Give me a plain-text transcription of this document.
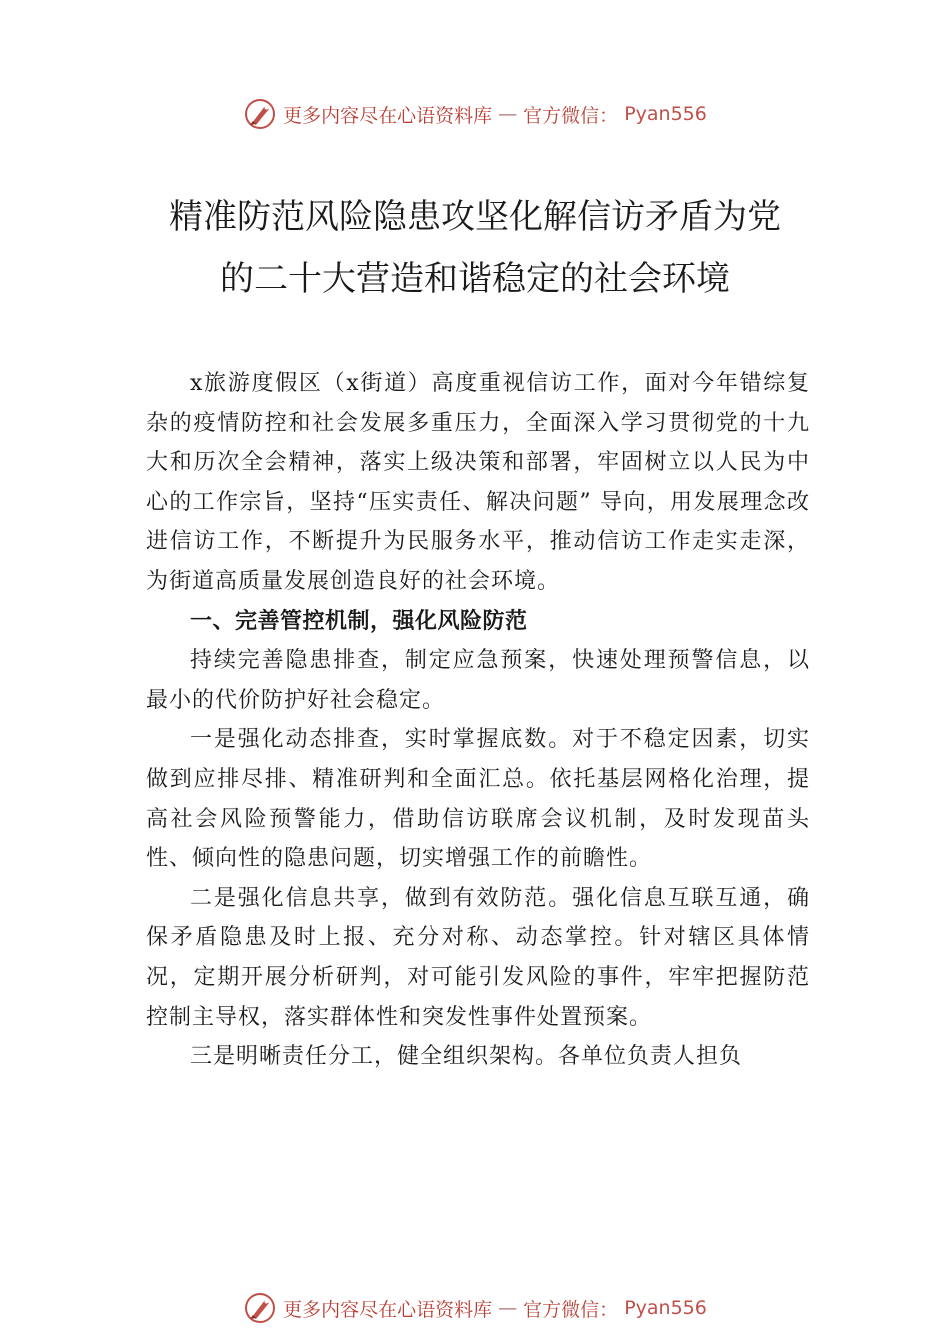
更多内容尽在心语资料库 — 官方微信： Pyan556
精准防范风险隐患攻坚化解信访矛盾为党
的二十大营造和谐稳定的社会环境

x旅游度假区（x街道）高度重视信访工作，面对今年错综复杂的疫情防控和社会发展多重压力，全面深入学习贯彻党的十九大和历次全会精神，落实上级决策和部署，牢固树立以人民为中心的工作宗旨，坚持“压实责任、解决问题” 导向，用发展理念改进信访工作，不断提升为民服务水平，推动信访工作走实走深，为街道高质量发展创造良好的社会环境。

一、完善管控机制，强化风险防范

持续完善隐患排查，制定应急预案，快速处理预警信息，以最小的代价防护好社会稳定。

一是强化动态排查，实时掌握底数。对于不稳定因素，切实做到应排尽排、精准研判和全面汇总。依托基层网格化治理，提高社会风险预警能力，借助信访联席会议机制，及时发现苗头性、倾向性的隐患问题，切实增强工作的前瞻性。

二是强化信息共享，做到有效防范。强化信息互联互通，确保矛盾隐患及时上报、充分对称、动态掌控。针对辖区具体情况，定期开展分析研判，对可能引发风险的事件，牢牢把握防范控制主导权，落实群体性和突发性事件处置预案。

三是明晰责任分工，健全组织架构。各单位负责人担负

更多内容尽在心语资料库 — 官方微信： Pyan556
